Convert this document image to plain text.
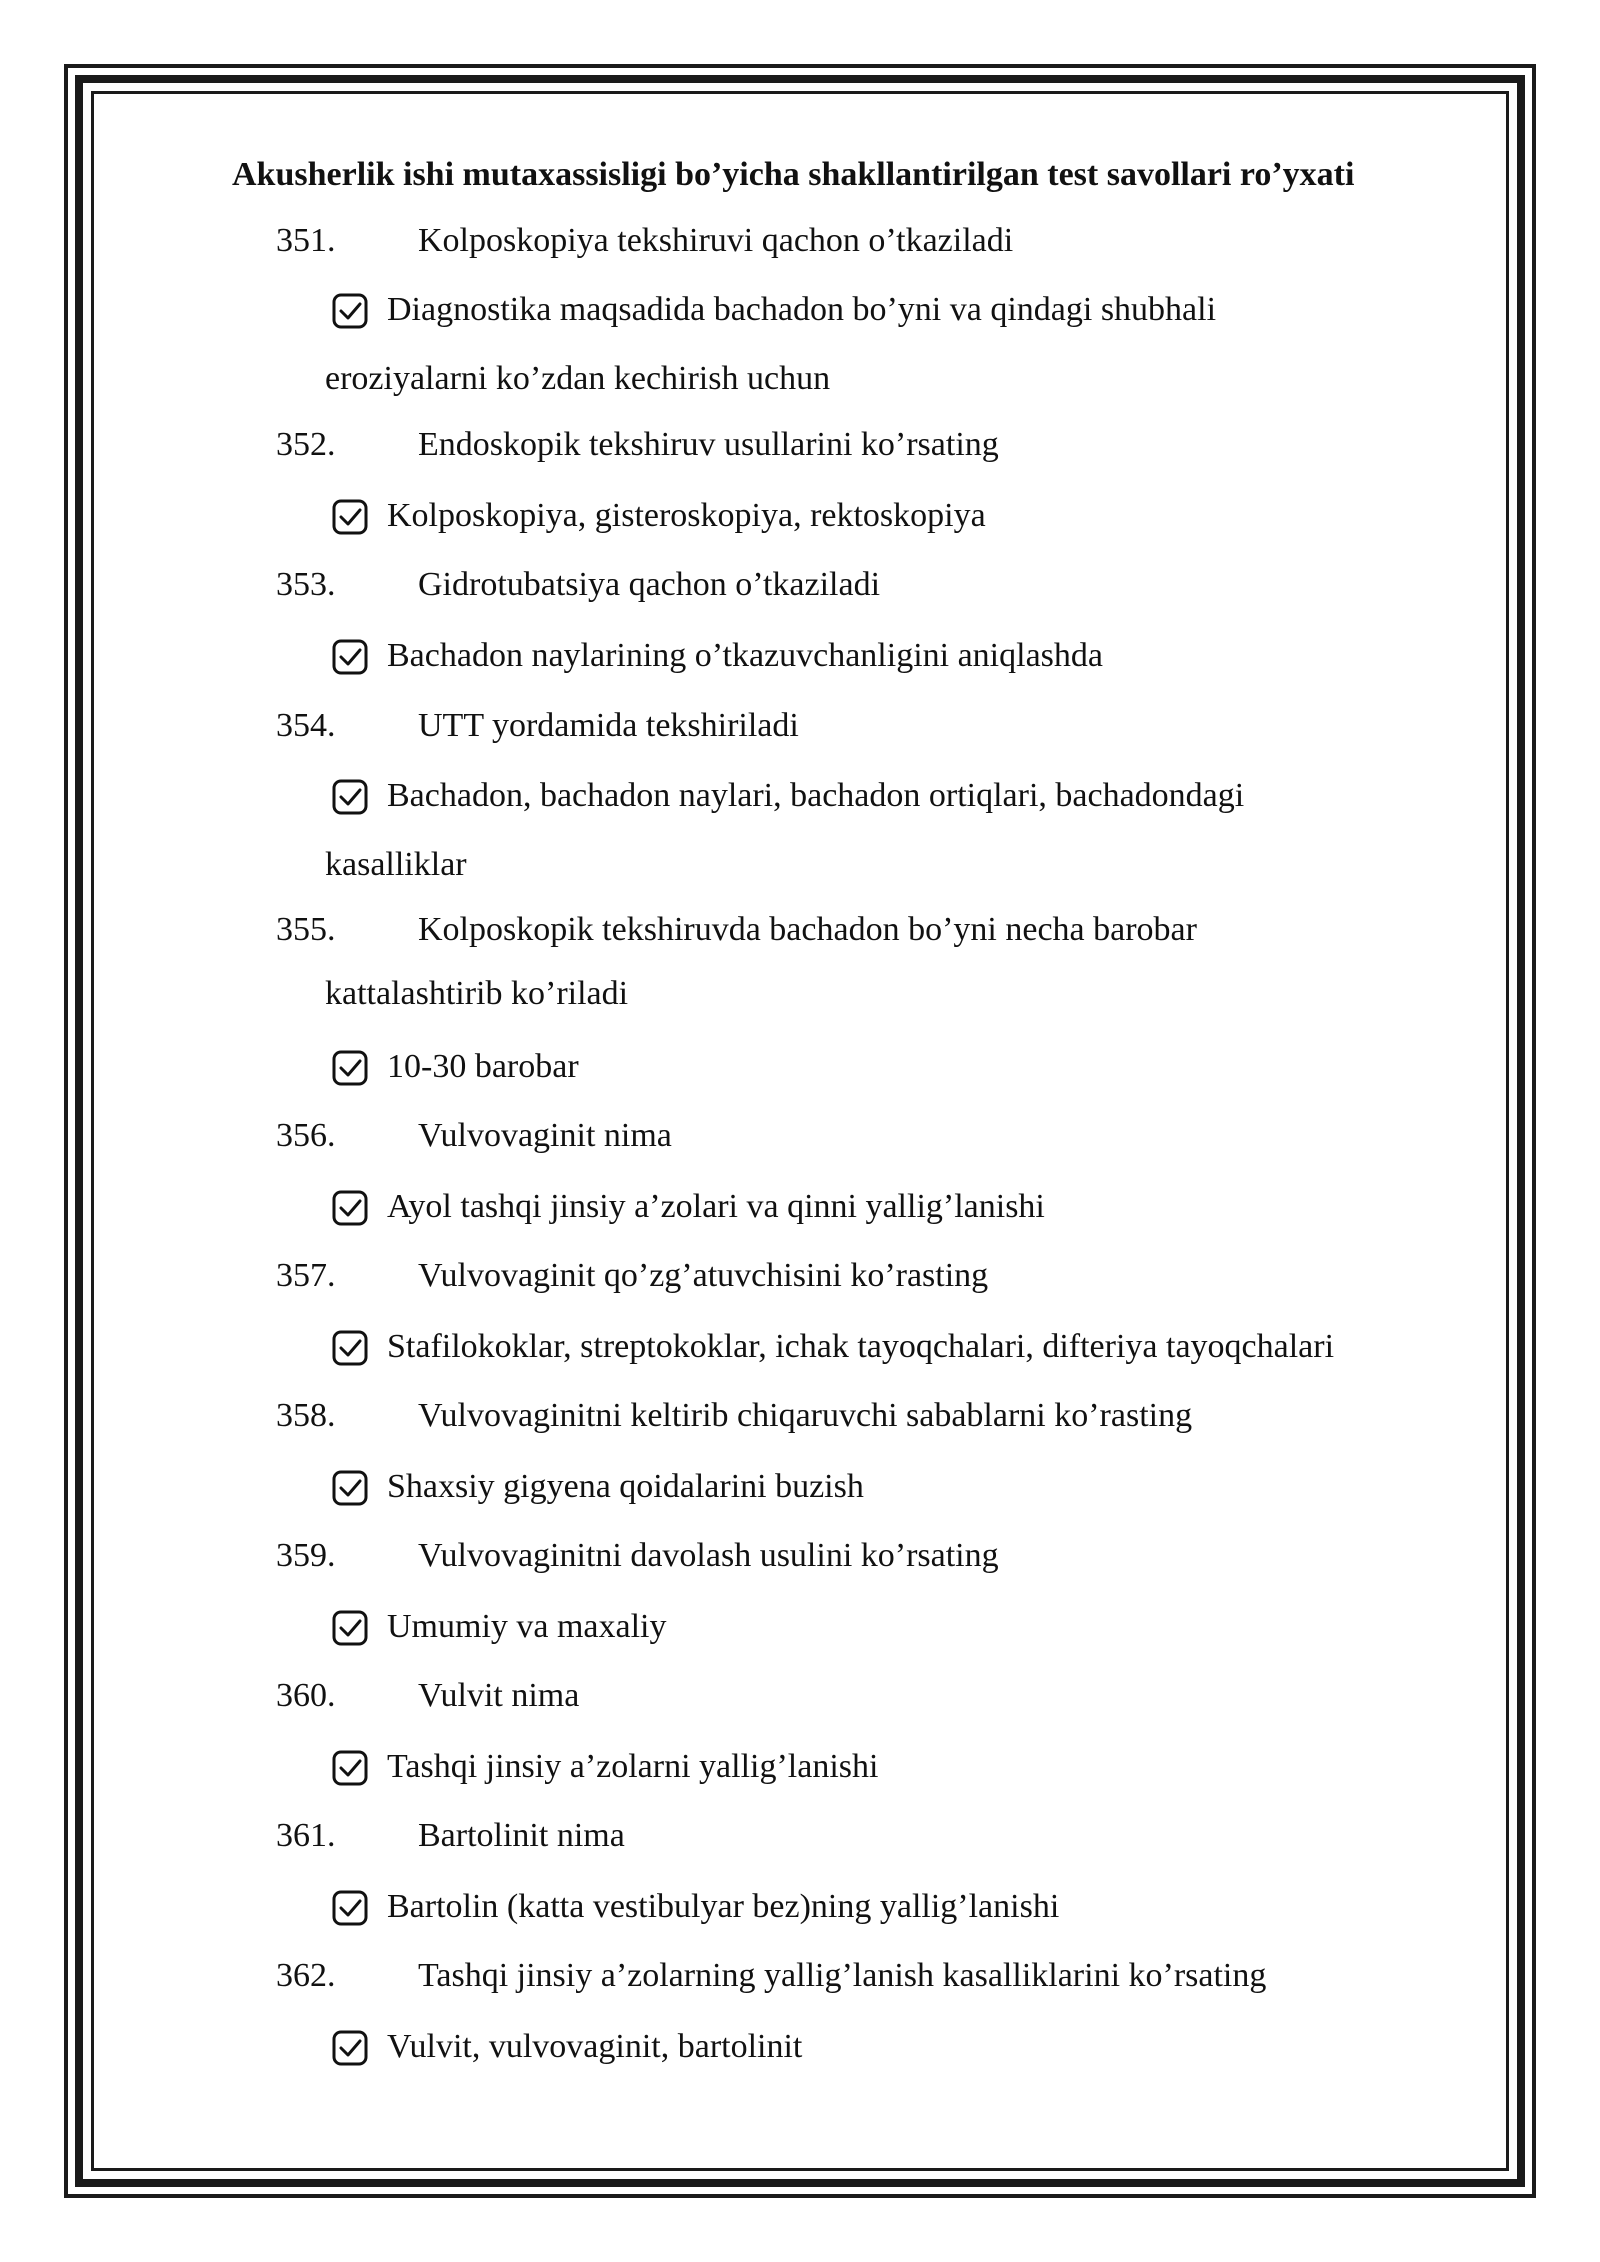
Akusherlik ishi mutaxassisligi bo’yicha shakllantirilgan test savollari ro’yxati
351. Kolposkopiya tekshiruvi qachon o’tkaziladi
Diagnostika maqsadida bachadon bo’yni va qindagi shubhali
eroziyalarni ko’zdan kechirish uchun
352. Endoskopik tekshiruv usullarini ko’rsating
Kolposkopiya, gisteroskopiya, rektoskopiya
353. Gidrotubatsiya qachon o’tkaziladi
Bachadon naylarining o’tkazuvchanligini aniqlashda
354. UTT yordamida tekshiriladi
Bachadon, bachadon naylari, bachadon ortiqlari, bachadondagi
kasalliklar
355. Kolposkopik tekshiruvda bachadon bo’yni necha barobar
kattalashtirib ko’riladi
10-30 barobar
356. Vulvovaginit nima
Ayol tashqi jinsiy a’zolari va qinni yallig’lanishi
357. Vulvovaginit qo’zg’atuvchisini ko’rasting
Stafilokoklar, streptokoklar, ichak tayoqchalari, difteriya tayoqchalari
358. Vulvovaginitni keltirib chiqaruvchi sabablarni ko’rasting
Shaxsiy gigyena qoidalarini buzish
359. Vulvovaginitni davolash usulini ko’rsating
Umumiy va maxaliy
360. Vulvit nima
Tashqi jinsiy a’zolarni yallig’lanishi
361. Bartolinit nima
Bartolin (katta vestibulyar bez)ning yallig’lanishi
362. Tashqi jinsiy a’zolarning yallig’lanish kasalliklarini ko’rsating
Vulvit, vulvovaginit, bartolinit
